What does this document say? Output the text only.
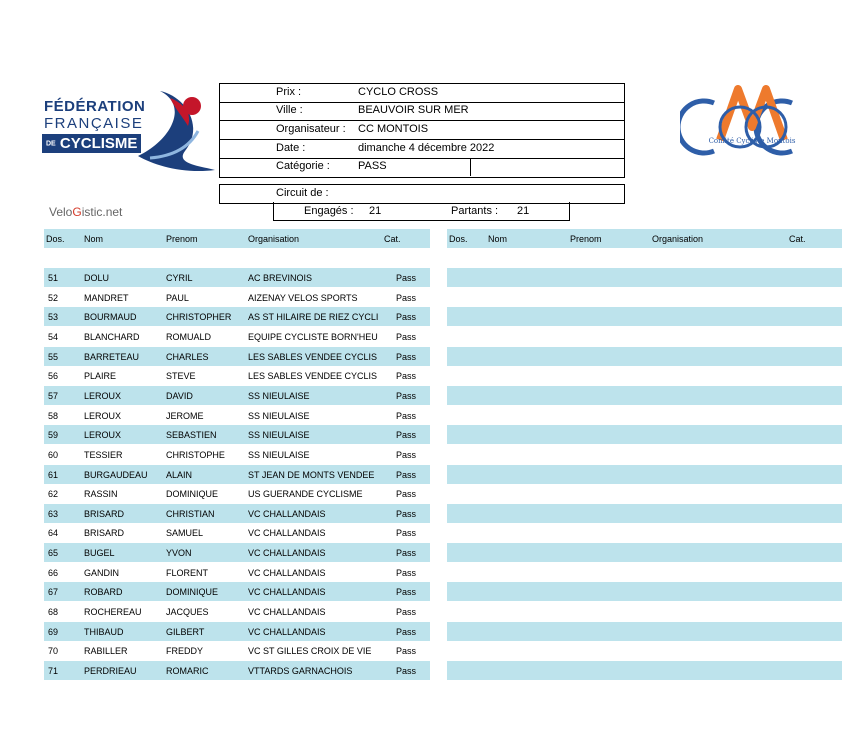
FÉDÉRATION
FRANÇAISE
DE CYCLISME
Prix :	CYCLO CROSS
Ville :	BEAUVOIR SUR MER
Organisateur : CC MONTOIS
Date :	dimanche 4 décembre 2022
Catégorie :	PASS
Circuit de :
Engagés : 21	Partants : 21
VeloGistic.net
Comité Cycliste Montois
Dos. Nom	Prenom	Organisation	Cat.	Dos. Nom	Prenom	Organisation	Cat.
51	DOLU	CYRIL	AC BREVINOIS	Pass
52	MANDRET	PAUL	AIZENAY VELOS SPORTS	Pass
53	BOURMAUD	CHRISTOPHER	AS ST HILAIRE DE RIEZ CYCLI	Pass
54	BLANCHARD	ROMUALD	EQUIPE CYCLISTE BORN'HEU	Pass
55	BARRETEAU	CHARLES	LES SABLES VENDEE CYCLIS	Pass
56	PLAIRE	STEVE	LES SABLES VENDEE CYCLIS	Pass
57	LEROUX	DAVID	SS NIEULAISE	Pass
58	LEROUX	JEROME	SS NIEULAISE	Pass
59	LEROUX	SEBASTIEN	SS NIEULAISE	Pass
60	TESSIER	CHRISTOPHE	SS NIEULAISE	Pass
61	BURGAUDEAU	ALAIN	ST JEAN DE MONTS VENDEE	Pass
62	RASSIN	DOMINIQUE	US GUERANDE CYCLISME	Pass
63	BRISARD	CHRISTIAN	VC CHALLANDAIS	Pass
64	BRISARD	SAMUEL	VC CHALLANDAIS	Pass
65	BUGEL	YVON	VC CHALLANDAIS	Pass
66	GANDIN	FLORENT	VC CHALLANDAIS	Pass
67	ROBARD	DOMINIQUE	VC CHALLANDAIS	Pass
68	ROCHEREAU	JACQUES	VC CHALLANDAIS	Pass
69	THIBAUD	GILBERT	VC CHALLANDAIS	Pass
70	RABILLER	FREDDY	VC ST GILLES CROIX DE VIE	Pass
71	PERDRIEAU	ROMARIC	VTTARDS GARNACHOIS	Pass
